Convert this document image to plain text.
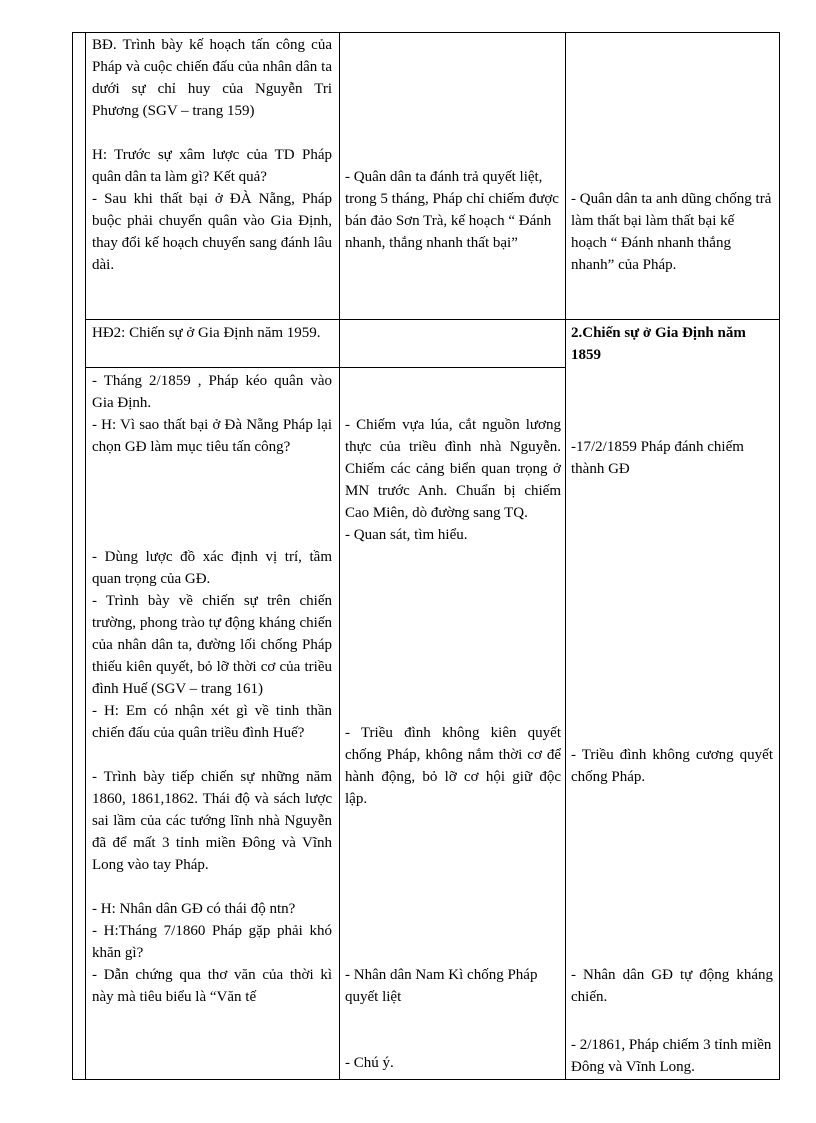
BĐ. Trình bày kế hoạch tấn công của Pháp và cuộc chiến đấu của nhân dân ta dưới sự chỉ huy của Nguyễn Tri Phương (SGV – trang 159)

H: Trước sự xâm lược của TD Pháp quân dân ta làm gì? Kết quả?

- Sau khi thất bại ở ĐÀ Nẵng, Pháp buộc phải chuyển quân vào Gia Định, thay đổi kế hoạch chuyển sang đánh lâu dài.

- Quân dân ta đánh trả quyết liệt, trong 5 tháng, Pháp chỉ chiếm được bán đảo Sơn Trà, kế hoạch “ Đánh nhanh, thắng nhanh thất bại”

- Quân dân ta anh dũng chống trả làm thất bại làm thất bại kế hoạch “ Đánh nhanh thắng nhanh” của Pháp.

HĐ2: Chiến sự ở Gia Định năm 1959.	2.Chiến sự ở Gia Định năm 1859

- Tháng 2/1859 , Pháp kéo quân vào Gia Định.

- H: Vì sao thất bại ở Đà Nẵng Pháp lại chọn GĐ làm mục tiêu tấn công?

- Dùng lược đồ xác định vị trí, tầm quan trọng của GĐ.

- Trình bày về chiến sự trên chiến trường, phong trào tự động kháng chiến của nhân dân ta, đường lối chống Pháp thiếu kiên quyết, bỏ lỡ thời cơ của triều đình Huế (SGV – trang 161)

- H: Em có nhận xét gì về tinh thần chiến đấu của quân triều đình Huế?

- Trình bày tiếp chiến sự những năm 1860, 1861,1862. Thái độ và sách lược sai lầm của các tướng lĩnh nhà Nguyễn đã để mất 3 tỉnh miền Đông và Vĩnh Long vào tay Pháp.

- H: Nhân dân GĐ có thái độ ntn?

- H:Tháng 7/1860 Pháp gặp phải khó khăn gì?

- Dẫn chứng qua thơ văn của thời kì này mà tiêu biểu là “Văn tế

- Chiếm vựa lúa, cắt nguồn lương thực của triều đình nhà Nguyễn. Chiếm các cảng biển quan trọng ở MN trước Anh. Chuẩn bị chiếm Cao Miên, dò đường sang TQ.

- Quan sát, tìm hiểu.

- Triều đình không kiên quyết chống Pháp, không nắm thời cơ để hành động, bỏ lỡ cơ hội giữ độc lập.

- Nhân dân Nam Kì chống Pháp quyết liệt

- Chú ý.

-17/2/1859 Pháp đánh chiếm thành GĐ

- Triều đình không cương quyết chống Pháp.

- Nhân dân GĐ tự động kháng chiến.

- 2/1861, Pháp chiếm 3 tỉnh miền Đông và Vĩnh Long.
